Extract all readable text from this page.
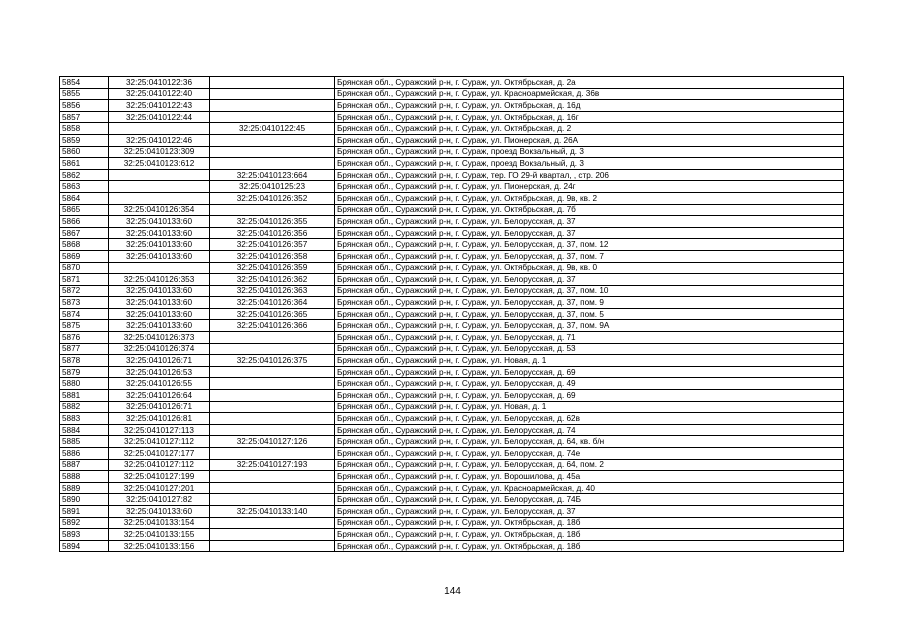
5854	32:25:0410122:36		Брянская обл., Суражский р-н, г. Сураж, ул. Октябрьская, д. 2а
5855	32:25:0410122:40		Брянская обл., Суражский р-н, г. Сураж, ул. Красноармейская, д. 36в
5856	32:25:0410122:43		Брянская обл., Суражский р-н, г. Сураж, ул. Октябрьская, д. 16д
5857	32:25:0410122:44		Брянская обл., Суражский р-н, г. Сураж, ул. Октябрьская, д. 16г
5858		32:25:0410122:45	Брянская обл., Суражский р-н, г. Сураж, ул. Октябрьская, д. 2
5859	32:25:0410122:46		Брянская обл., Суражский р-н, г. Сураж, ул. Пионерская, д. 26А
5860	32:25:0410123:309		Брянская обл., Суражский р-н, г. Сураж, проезд Вокзальный, д. 3
5861	32:25:0410123:612		Брянская обл., Суражский р-н, г. Сураж, проезд Вокзальный, д. 3
5862		32:25:0410123:664	Брянская обл., Суражский р-н, г. Сураж, тер. ГО 29-й квартал, , стр. 206
5863		32:25:0410125:23	Брянская обл., Суражский р-н, г. Сураж, ул. Пионерская, д. 24г
5864		32:25:0410126:352	Брянская обл., Суражский р-н, г. Сураж, ул. Октябрьская, д. 9в, кв. 2
5865	32:25:0410126:354		Брянская обл., Суражский р-н, г. Сураж, ул. Октябрьская, д. 7б
5866	32:25:0410133:60	32:25:0410126:355	Брянская обл., Суражский р-н, г. Сураж, ул. Белорусская, д. 37
5867	32:25:0410133:60	32:25:0410126:356	Брянская обл., Суражский р-н, г. Сураж, ул. Белорусская, д. 37
5868	32:25:0410133:60	32:25:0410126:357	Брянская обл., Суражский р-н, г. Сураж, ул. Белорусская, д. 37, пом. 12
5869	32:25:0410133:60	32:25:0410126:358	Брянская обл., Суражский р-н, г. Сураж, ул. Белорусская, д. 37, пом. 7
5870		32:25:0410126:359	Брянская обл., Суражский р-н, г. Сураж, ул. Октябрьская, д. 9в, кв. 0
5871	32:25:0410126:353	32:25:0410126:362	Брянская обл., Суражский р-н, г. Сураж, ул. Белорусская, д. 37
5872	32:25:0410133:60	32:25:0410126:363	Брянская обл., Суражский р-н, г. Сураж, ул. Белорусская, д. 37, пом. 10
5873	32:25:0410133:60	32:25:0410126:364	Брянская обл., Суражский р-н, г. Сураж, ул. Белорусская, д. 37, пом. 9
5874	32:25:0410133:60	32:25:0410126:365	Брянская обл., Суражский р-н, г. Сураж, ул. Белорусская, д. 37, пом. 5
5875	32:25:0410133:60	32:25:0410126:366	Брянская обл., Суражский р-н, г. Сураж, ул. Белорусская, д. 37, пом. 9А
5876	32:25:0410126:373		Брянская обл., Суражский р-н, г. Сураж, ул. Белорусская, д. 71
5877	32:25:0410126:374		Брянская обл., Суражский р-н, г. Сураж, ул. Белорусская, д. 53
5878	32:25:0410126:71	32:25:0410126:375	Брянская обл., Суражский р-н, г. Сураж, ул. Новая, д. 1
5879	32:25:0410126:53		Брянская обл., Суражский р-н, г. Сураж, ул. Белорусская, д. 69
5880	32:25:0410126:55		Брянская обл., Суражский р-н, г. Сураж, ул. Белорусская, д. 49
5881	32:25:0410126:64		Брянская обл., Суражский р-н, г. Сураж, ул. Белорусская, д. 69
5882	32:25:0410126:71		Брянская обл., Суражский р-н, г. Сураж, ул. Новая, д. 1
5883	32:25:0410126:81		Брянская обл., Суражский р-н, г. Сураж, ул. Белорусская, д. 62в
5884	32:25:0410127:113		Брянская обл., Суражский р-н, г. Сураж, ул. Белорусская, д. 74
5885	32:25:0410127:112	32:25:0410127:126	Брянская обл., Суражский р-н, г. Сураж, ул. Белорусская, д. 64, кв. б/н
5886	32:25:0410127:177		Брянская обл., Суражский р-н, г. Сураж, ул. Белорусская, д. 74е
5887	32:25:0410127:112	32:25:0410127:193	Брянская обл., Суражский р-н, г. Сураж, ул. Белорусская, д. 64, пом. 2
5888	32:25:0410127:199		Брянская обл., Суражский р-н, г. Сураж, ул. Ворошилова, д. 45а
5889	32:25:0410127:201		Брянская обл., Суражский р-н, г. Сураж, ул. Красноармейская, д. 40
5890	32:25:0410127:82		Брянская обл., Суражский р-н, г. Сураж, ул. Белорусская, д. 74Б
5891	32:25:0410133:60	32:25:0410133:140	Брянская обл., Суражский р-н, г. Сураж, ул. Белорусская, д. 37
5892	32:25:0410133:154		Брянская обл., Суражский р-н, г. Сураж, ул. Октябрьская, д. 18б
5893	32:25:0410133:155		Брянская обл., Суражский р-н, г. Сураж, ул. Октябрьская, д. 18б
5894	32:25:0410133:156		Брянская обл., Суражский р-н, г. Сураж, ул. Октябрьская, д. 18б
144
